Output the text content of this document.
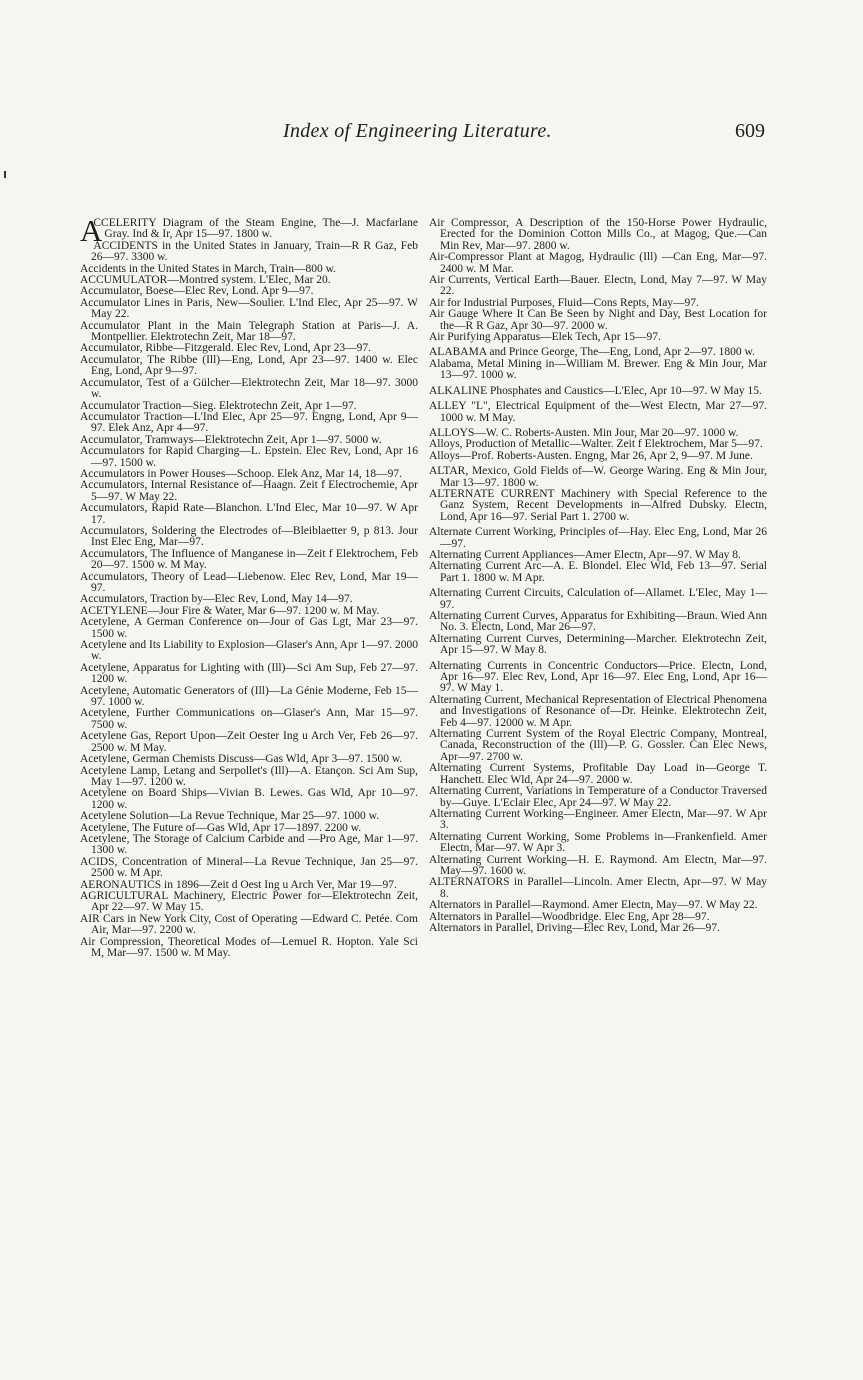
Index of Engineering Literature.	609
A
CCELERITY Diagram of the Steam Engine, The—J. Macfarlane Gray. Ind & Ir, Apr 15—97. 1800 w.
ACCIDENTS in the United States in January, Train—R R Gaz, Feb 26—97. 3300 w.
Accidents in the United States in March, Train—800 w.
ACCUMULATOR—Montred system. L'Elec, Mar 20.
Accumulator, Boese—Elec Rev, Lond. Apr 9—97.
Accumulator Lines in Paris, New—Soulier. L'Ind Elec, Apr 25—97. W May 22.
Accumulator Plant in the Main Telegraph Station at Paris—J. A. Montpellier. Elektrotechn Zeit, Mar 18—97.
Accumulator, Ribbe—Fitzgerald. Elec Rev, Lond, Apr 23—97.
Accumulator, The Ribbe (Ill)—Eng, Lond, Apr 23—97. 1400 w. Elec Eng, Lond, Apr 9—97.
Accumulator, Test of a Gülcher—Elektrotechn Zeit, Mar 18—97. 3000 w.
Accumulator Traction—Sieg. Elektrotechn Zeit, Apr 1—97.
Accumulator Traction—L'Ind Elec, Apr 25—97. Engng, Lond, Apr 9—97. Elek Anz, Apr 4—97.
Accumulator, Tramways—Elektrotechn Zeit, Apr 1—97. 5000 w.
Accumulators for Rapid Charging—L. Epstein. Elec Rev, Lond, Apr 16—97. 1500 w.
Accumulators in Power Houses—Schoop. Elek Anz, Mar 14, 18—97.
Accumulators, Internal Resistance of—Haagn. Zeit f Electrochemie, Apr 5—97. W May 22.
Accumulators, Rapid Rate—Blanchon. L'Ind Elec, Mar 10—97. W Apr 17.
Accumulators, Soldering the Electrodes of—Bleiblaetter 9, p 813. Jour Inst Elec Eng, Mar—97.
Accumulators, The Influence of Manganese in—Zeit f Elektrochem, Feb 20—97. 1500 w. M May.
Accumulators, Theory of Lead—Liebenow. Elec Rev, Lond, Mar 19—97.
Accumulators, Traction by—Elec Rev, Lond, May 14—97.
ACETYLENE—Jour Fire & Water, Mar 6—97. 1200 w. M May.
Acetylene, A German Conference on—Jour of Gas Lgt, Mar 23—97. 1500 w.
Acetylene and Its Liability to Explosion—Glaser's Ann, Apr 1—97. 2000 w.
Acetylene, Apparatus for Lighting with (Ill)—Sci Am Sup, Feb 27—97. 1200 w.
Acetylene, Automatic Generators of (Ill)—La Génie Moderne, Feb 15—97. 1000 w.
Acetylene, Further Communications on—Glaser's Ann, Mar 15—97. 7500 w.
Acetylene Gas, Report Upon—Zeit Oester Ing u Arch Ver, Feb 26—97. 2500 w. M May.
Acetylene, German Chemists Discuss—Gas Wld, Apr 3—97. 1500 w.
Acetylene Lamp, Letang and Serpollet's (Ill)—A. Etançon. Sci Am Sup, May 1—97. 1200 w.
Acetylene on Board Ships—Vivian B. Lewes. Gas Wld, Apr 10—97. 1200 w.
Acetylene Solution—La Revue Technique, Mar 25—97. 1000 w.
Acetylene, The Future of—Gas Wld, Apr 17—1897. 2200 w.
Acetylene, The Storage of Calcium Carbide and —Pro Age, Mar 1—97. 1300 w.
ACIDS, Concentration of Mineral—La Revue Technique, Jan 25—97. 2500 w. M Apr.
AERONAUTICS in 1896—Zeit d Oest Ing u Arch Ver, Mar 19—97.
AGRICULTURAL Machinery, Electric Power for—Elektrotechn Zeit, Apr 22—97. W May 15.
AIR Cars in New York City, Cost of Operating —Edward C. Petée. Com Air, Mar—97. 2200 w.
Air Compression, Theoretical Modes of—Lemuel R. Hopton. Yale Sci M, Mar—97. 1500 w. M May.
Air Compressor, A Description of the 150-Horse Power Hydraulic, Erected for the Dominion Cotton Mills Co., at Magog, Que.—Can Min Rev, Mar—97. 2800 w.
Air-Compressor Plant at Magog, Hydraulic (Ill) —Can Eng, Mar—97. 2400 w. M Mar.
Air Currents, Vertical Earth—Bauer. Electn, Lond, May 7—97. W May 22.
Air for Industrial Purposes, Fluid—Cons Repts, May—97.
Air Gauge Where It Can Be Seen by Night and Day, Best Location for the—R R Gaz, Apr 30—97. 2000 w.
Air Purifying Apparatus—Elek Tech, Apr 15—97.
ALABAMA and Prince George, The—Eng, Lond, Apr 2—97. 1800 w.
Alabama, Metal Mining in—William M. Brewer. Eng & Min Jour, Mar 13—97. 1000 w.
ALKALINE Phosphates and Caustics—L'Elec, Apr 10—97. W May 15.
ALLEY "L", Electrical Equipment of the—West Electn, Mar 27—97. 1000 w. M May.
ALLOYS—W. C. Roberts-Austen. Min Jour, Mar 20—97. 1000 w.
Alloys, Production of Metallic—Walter. Zeit f Elektrochem, Mar 5—97.
Alloys—Prof. Roberts-Austen. Engng, Mar 26, Apr 2, 9—97. M June.
ALTAR, Mexico, Gold Fields of—W. George Waring. Eng & Min Jour, Mar 13—97. 1800 w.
ALTERNATE CURRENT Machinery with Special Reference to the Ganz System, Recent Developments in—Alfred Dubsky. Electn, Lond, Apr 16—97. Serial Part 1. 2700 w.
Alternate Current Working, Principles of—Hay. Elec Eng, Lond, Mar 26—97.
Alternating Current Appliances—Amer Electn, Apr—97. W May 8.
Alternating Current Arc—A. E. Blondel. Elec Wld, Feb 13—97. Serial Part 1. 1800 w. M Apr.
Alternating Current Circuits, Calculation of—Allamet. L'Elec, May 1—97.
Alternating Current Curves, Apparatus for Exhibiting—Braun. Wied Ann No. 3. Electn, Lond, Mar 26—97.
Alternating Current Curves, Determining—Marcher. Elektrotechn Zeit, Apr 15—97. W May 8.
Alternating Currents in Concentric Conductors—Price. Electn, Lond, Apr 16—97. Elec Rev, Lond, Apr 16—97. Elec Eng, Lond, Apr 16—97. W May 1.
Alternating Current, Mechanical Representation of Electrical Phenomena and Investigations of Resonance of—Dr. Heinke. Elektrotechn Zeit, Feb 4—97. 12000 w. M Apr.
Alternating Current System of the Royal Electric Company, Montreal, Canada, Reconstruction of the (Ill)—P. G. Gossler. Can Elec News, Apr—97. 2700 w.
Alternating Current Systems, Profitable Day Load in—George T. Hanchett. Elec Wld, Apr 24—97. 2000 w.
Alternating Current, Variations in Temperature of a Conductor Traversed by—Guye. L'Eclair Elec, Apr 24—97. W May 22.
Alternating Current Working—Engineer. Amer Electn, Mar—97. W Apr 3.
Alternating Current Working, Some Problems in—Frankenfield. Amer Electn, Mar—97. W Apr 3.
Alternating Current Working—H. E. Raymond. Am Electn, Mar—97. May—97. 1600 w.
ALTERNATORS in Parallel—Lincoln. Amer Electn, Apr—97. W May 8.
Alternators in Parallel—Raymond. Amer Electn, May—97. W May 22.
Alternators in Parallel—Woodbridge. Elec Eng, Apr 28—97.
Alternators in Parallel, Driving—Elec Rev, Lond, Mar 26—97.
